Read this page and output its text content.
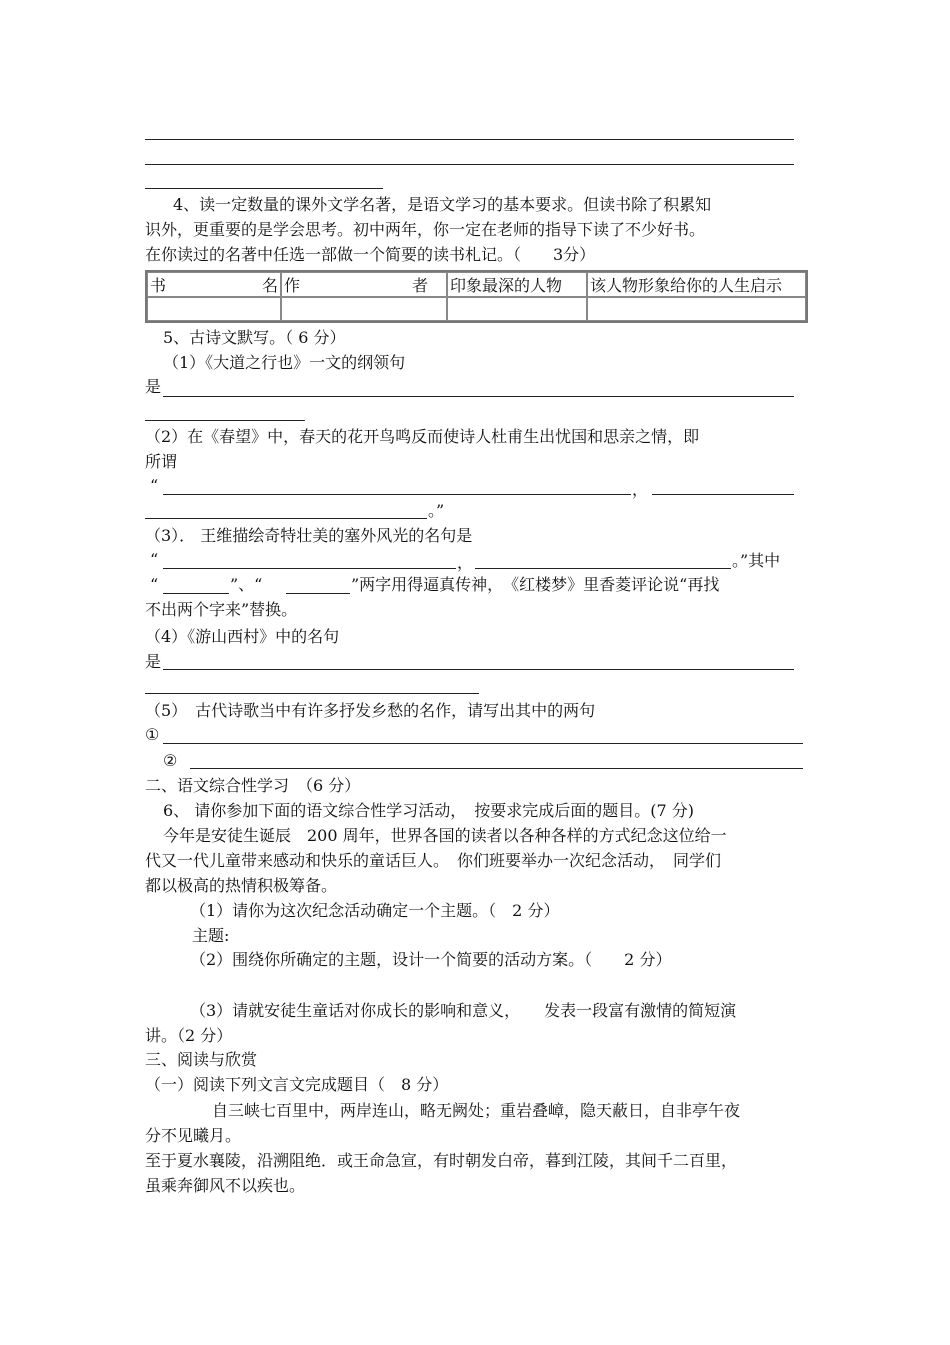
4、读一定数量的课外文学名著，是语文学习的基本要求。但读书除了积累知
识外，更重要的是学会思考。初中两年，你一定在老师的指导下读了不少好书。
在你读过的名著中任选一部做一个简要的读书札记。（　　3分）
书　　　　　　名	作　　　　　　　者	印象最深的人物	该人物形象给你的人生启示

5、古诗文默写。（ 6 分）
（1）《大道之行也》一文的纲领句
是
（2）在《春望》中，春天的花开鸟鸣反而使诗人杜甫生出忧国和思亲之情，即
所谓
“	，
。”
（3）． 王维描绘奇特壮美的塞外风光的名句是
“	，	。”其中
“	”、“	”两字用得逼真传神，　《红楼梦》里香菱评论说“再找
不出两个字来”替换。
（4）《游山西村》中的名句
是
（5）　古代诗歌当中有许多抒发乡愁的名作，请写出其中的两句
①
②
二、语文综合性学习　（6 分）
6、 请你参加下面的语文综合性学习活动，　按要求完成后面的题目。(7 分)
今年是安徒生诞辰　200 周年，世界各国的读者以各种各样的方式纪念这位给一
代又一代儿童带来感动和快乐的童话巨人。　你们班要举办一次纪念活动，　同学们
都以极高的热情积极筹备。
（1）请你为这次纪念活动确定一个主题。（　2 分）
主题:
（2）围绕你所确定的主题，设计一个简要的活动方案。（　　2 分）
（3）请就安徒生童话对你成长的影响和意义，　　发表一段富有激情的简短演
讲。（2 分）
三、阅读与欣赏
（一）阅读下列文言文完成题目（　8 分）
自三峡七百里中，两岸连山，略无阙处；重岩叠嶂，隐天蔽日，自非亭午夜
分不见曦月。
至于夏水襄陵，沿溯阻绝．或王命急宣，有时朝发白帝，暮到江陵，其间千二百里，
虽乘奔御风不以疾也。
